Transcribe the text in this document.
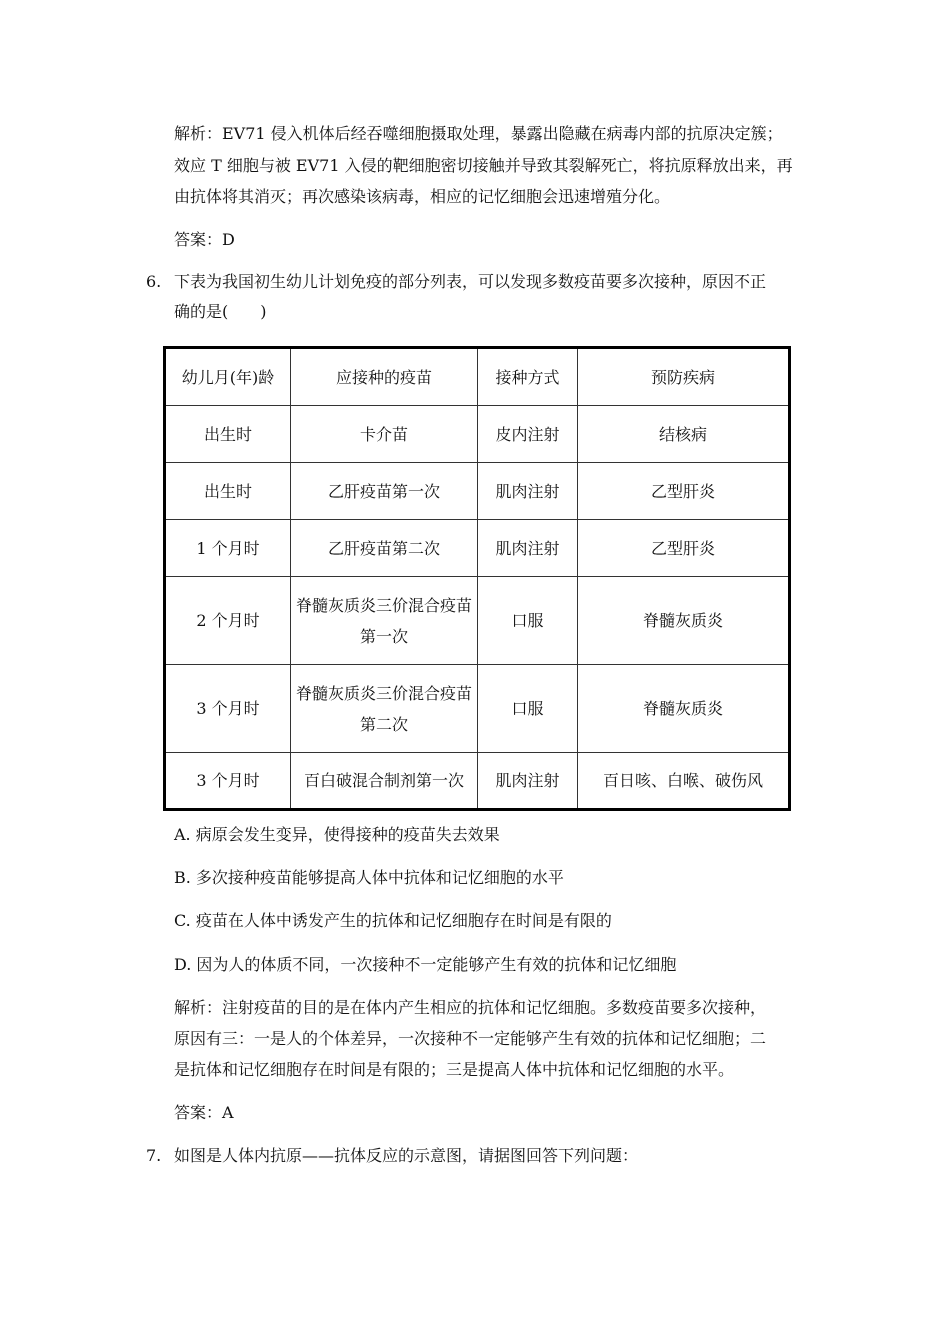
解析：EV71 侵入机体后经吞噬细胞摄取处理，暴露出隐藏在病毒内部的抗原决定簇；
效应 T 细胞与被 EV71 入侵的靶细胞密切接触并导致其裂解死亡，将抗原释放出来，再
由抗体将其消灭；再次感染该病毒，相应的记忆细胞会迅速增殖分化。
答案：D
6. 下表为我国初生幼儿计划免疫的部分列表，可以发现多数疫苗要多次接种，原因不正
确的是(　　)
幼儿月(年)龄	应接种的疫苗	接种方式	预防疾病
出生时	卡介苗	皮内注射	结核病
出生时	乙肝疫苗第一次	肌肉注射	乙型肝炎
1 个月时	乙肝疫苗第二次	肌肉注射	乙型肝炎
2 个月时	脊髓灰质炎三价混合疫苗第一次	口服	脊髓灰质炎
3 个月时	脊髓灰质炎三价混合疫苗第二次	口服	脊髓灰质炎
3 个月时	百白破混合制剂第一次	肌肉注射	百日咳、白喉、破伤风
A. 病原会发生变异，使得接种的疫苗失去效果
B. 多次接种疫苗能够提高人体中抗体和记忆细胞的水平
C. 疫苗在人体中诱发产生的抗体和记忆细胞存在时间是有限的
D. 因为人的体质不同，一次接种不一定能够产生有效的抗体和记忆细胞
解析：注射疫苗的目的是在体内产生相应的抗体和记忆细胞。多数疫苗要多次接种，
原因有三：一是人的个体差异，一次接种不一定能够产生有效的抗体和记忆细胞；二
是抗体和记忆细胞存在时间是有限的；三是提高人体中抗体和记忆细胞的水平。
答案：A
7. 如图是人体内抗原——抗体反应的示意图，请据图回答下列问题：
